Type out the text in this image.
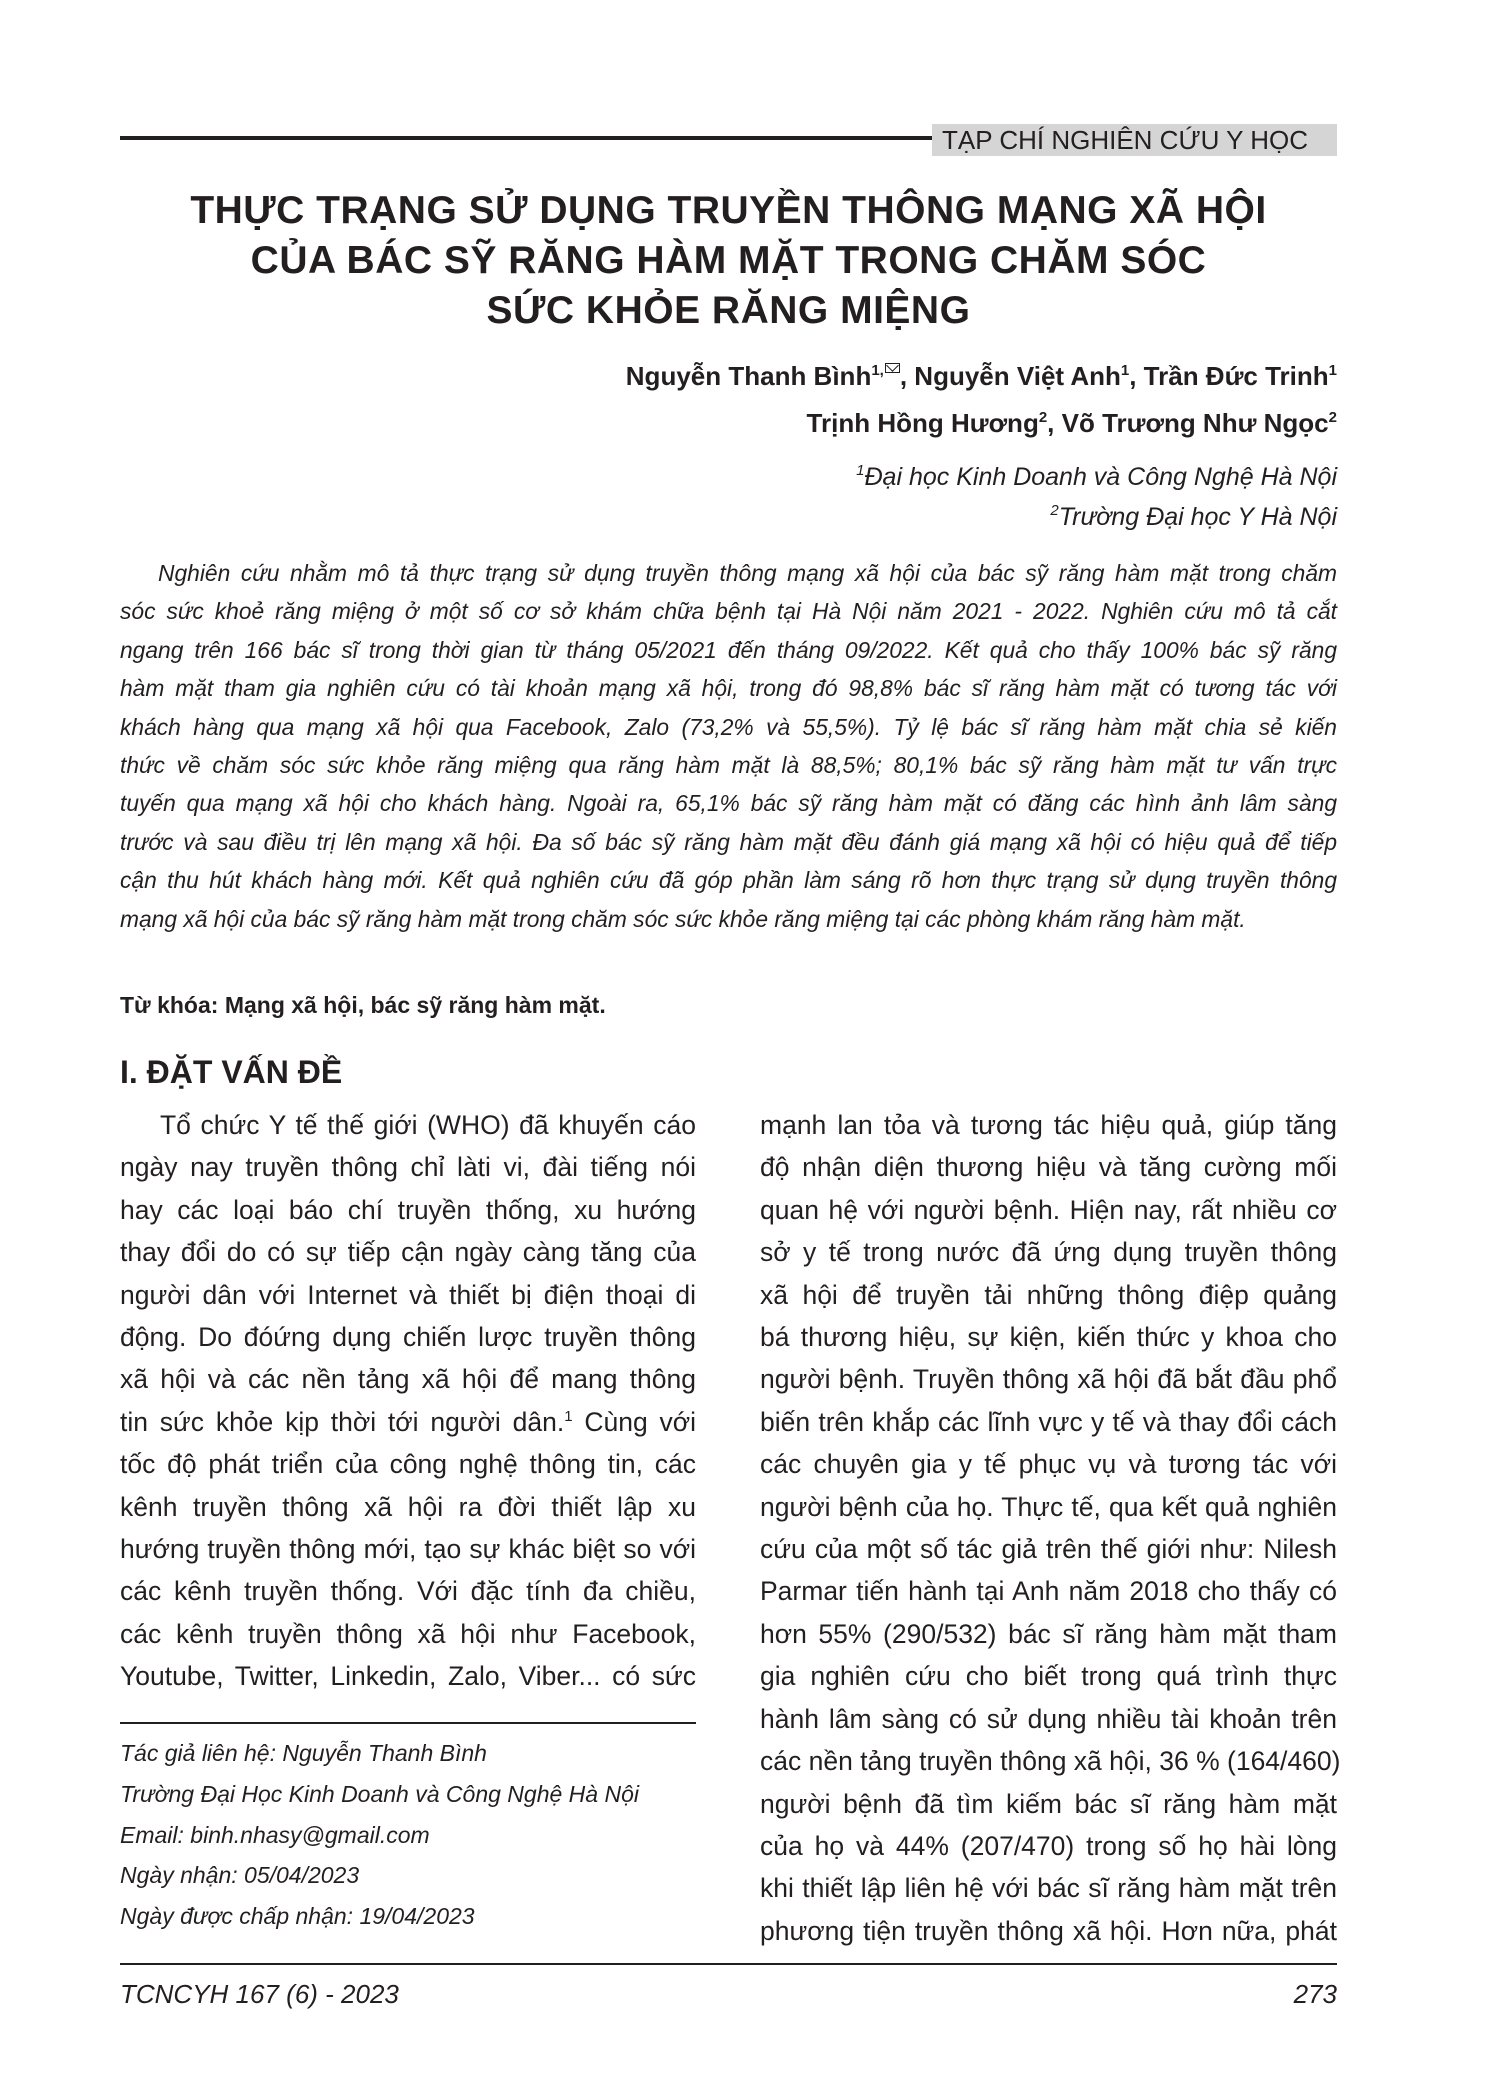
TẠP CHÍ NGHIÊN CỨU Y HỌC
THỰC TRẠNG SỬ DỤNG TRUYỀN THÔNG MẠNG XÃ HỘI
CỦA BÁC SỸ RĂNG HÀM MẶT TRONG CHĂM SÓC
SỨC KHỎE RĂNG MIỆNG
Nguyễn Thanh Bình$^{1,}$ , Nguyễn Việt Anh$^1$, Trần Đức Trinh$^1$
Trịnh Hồng Hương$^2$, Võ Trương Như Ngọc$^2$
$^1$Đại học Kinh Doanh và Công Nghệ Hà Nội
$^2$Trường Đại học Y Hà Nội
Nghiên cứu nhằm mô tả thực trạng sử dụng truyền thông mạng xã hội của bác sỹ răng hàm mặt trong chăm
sóc sức khoẻ răng miệng ở một số cơ sở khám chữa bệnh tại Hà Nội năm 2021 - 2022. Nghiên cứu mô tả cắt
ngang trên 166 bác sĩ trong thời gian từ tháng 05/2021 đến tháng 09/2022. Kết quả cho thấy 100% bác sỹ răng
hàm mặt tham gia nghiên cứu có tài khoản mạng xã hội, trong đó 98,8% bác sĩ răng hàm mặt có tương tác với
khách hàng qua mạng xã hội qua Facebook, Zalo (73,2% và 55,5%). Tỷ lệ bác sĩ răng hàm mặt chia sẻ kiến
thức về chăm sóc sức khỏe răng miệng qua răng hàm mặt là 88,5%; 80,1% bác sỹ răng hàm mặt tư vấn trực
tuyến qua mạng xã hội cho khách hàng. Ngoài ra, 65,1% bác sỹ răng hàm mặt có đăng các hình ảnh lâm sàng
trước và sau điều trị lên mạng xã hội. Đa số bác sỹ răng hàm mặt đều đánh giá mạng xã hội có hiệu quả để tiếp
cận thu hút khách hàng mới. Kết quả nghiên cứu đã góp phần làm sáng rõ hơn thực trạng sử dụng truyền thông
mạng xã hội của bác sỹ răng hàm mặt trong chăm sóc sức khỏe răng miệng tại các phòng khám răng hàm mặt.
Từ khóa: Mạng xã hội, bác sỹ răng hàm mặt.
I. ĐẶT VẤN ĐỀ
Tổ chức Y tế thế giới (WHO) đã khuyến cáo
ngày nay truyền thông chỉ làti vi, đài tiếng nói
hay các loại báo chí truyền thống, xu hướng
thay đổi do có sự tiếp cận ngày càng tăng của
người dân với Internet và thiết bị điện thoại di
động. Do đóứng dụng chiến lược truyền thông
xã hội và các nền tảng xã hội để mang thông
tin sức khỏe kịp thời tới người dân.$^1$ Cùng với
tốc độ phát triển của công nghệ thông tin, các
kênh truyền thông xã hội ra đời thiết lập xu
hướng truyền thông mới, tạo sự khác biệt so với
các kênh truyền thống. Với đặc tính đa chiều,
các kênh truyền thông xã hội như Facebook,
Youtube, Twitter, Linkedin, Zalo, Viber... có sức
Tác giả liên hệ: Nguyễn Thanh Bình
Trường Đại Học Kinh Doanh và Công Nghệ Hà Nội
Email: binh.nhasy@gmail.com
Ngày nhận: 05/04/2023
Ngày được chấp nhận: 19/04/2023
mạnh lan tỏa và tương tác hiệu quả, giúp tăng
độ nhận diện thương hiệu và tăng cường mối
quan hệ với người bệnh. Hiện nay, rất nhiều cơ
sở y tế trong nước đã ứng dụng truyền thông
xã hội để truyền tải những thông điệp quảng
bá thương hiệu, sự kiện, kiến thức y khoa cho
người bệnh. Truyền thông xã hội đã bắt đầu phổ
biến trên khắp các lĩnh vực y tế và thay đổi cách
các chuyên gia y tế phục vụ và tương tác với
người bệnh của họ. Thực tế, qua kết quả nghiên
cứu của một số tác giả trên thế giới như: Nilesh
Parmar tiến hành tại Anh năm 2018 cho thấy có
hơn 55% (290/532) bác sĩ răng hàm mặt tham
gia nghiên cứu cho biết trong quá trình thực
hành lâm sàng có sử dụng nhiều tài khoản trên
các nền tảng truyền thông xã hội, 36 % (164/460)
người bệnh đã tìm kiếm bác sĩ răng hàm mặt
của họ và 44% (207/470) trong số họ hài lòng
khi thiết lập liên hệ với bác sĩ răng hàm mặt trên
phương tiện truyền thông xã hội. Hơn nữa, phát
TCNCYH 167 (6) - 2023	273
